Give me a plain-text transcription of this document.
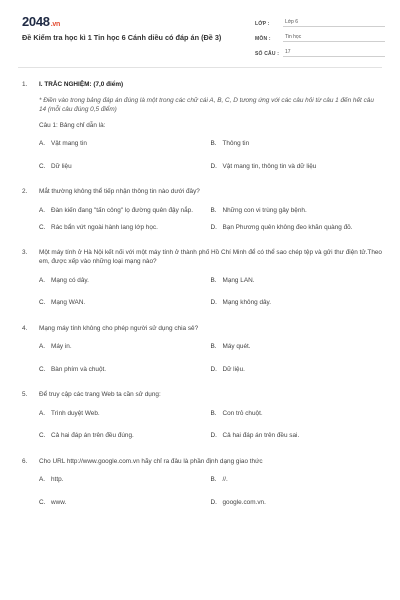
2048.vn
Đề Kiểm tra học kì 1 Tin học 6 Cánh diều có đáp án (Đề 3)
LỚP :	Lớp 6
MÔN :	Tin học
SỐ CÂU :	17
1.	I. TRẮC NGHIỆM: (7,0 điểm)
* Điền vào trong bảng đáp án đúng là một trong các chữ cái A, B, C, D tương ứng với các câu hỏi từ câu 1 đến hết câu 14 (mỗi câu đúng 0,5 điểm)
Câu 1: Bảng chỉ dẫn là:
A. Vật mang tin	B. Thông tin
C. Dữ liệu	D. Vật mang tin, thông tin và dữ liệu
2.	Mắt thường không thể tiếp nhận thông tin nào dưới đây?
A. Đàn kiến đang "tấn công" lọ đường quên đậy nắp.	B. Những con vi trùng gây bệnh.
C. Rác bẩn vứt ngoài hành lang lớp học.	D. Bạn Phương quên không đeo khăn quàng đỏ.
3.	Một máy tính ở Hà Nội kết nối với một máy tính ở thành phố Hồ Chí Minh để có thể sao chép tệp và gửi thư điện tử.Theo em, được xếp vào những loại mạng nào?
A. Mạng có dây.	B. Mạng LAN.
C. Mạng WAN.	D. Mạng không dây.
4.	Mạng máy tính không cho phép người sử dụng chia sẻ?
A. Máy in.	B. Máy quét.
C. Bàn phím và chuột.	D. Dữ liệu.
5.	Để truy cập các trang Web ta cần sử dụng:
A. Trình duyệt Web.	B. Con trỏ chuột.
C. Cả hai đáp án trên đều đúng.	D. Cả hai đáp án trên đều sai.
6.	Cho URL http://www.google.com.vn hãy chỉ ra đâu là phần định dạng giao thức
A. http.	B. //.
C. www.	D. google.com.vn.
